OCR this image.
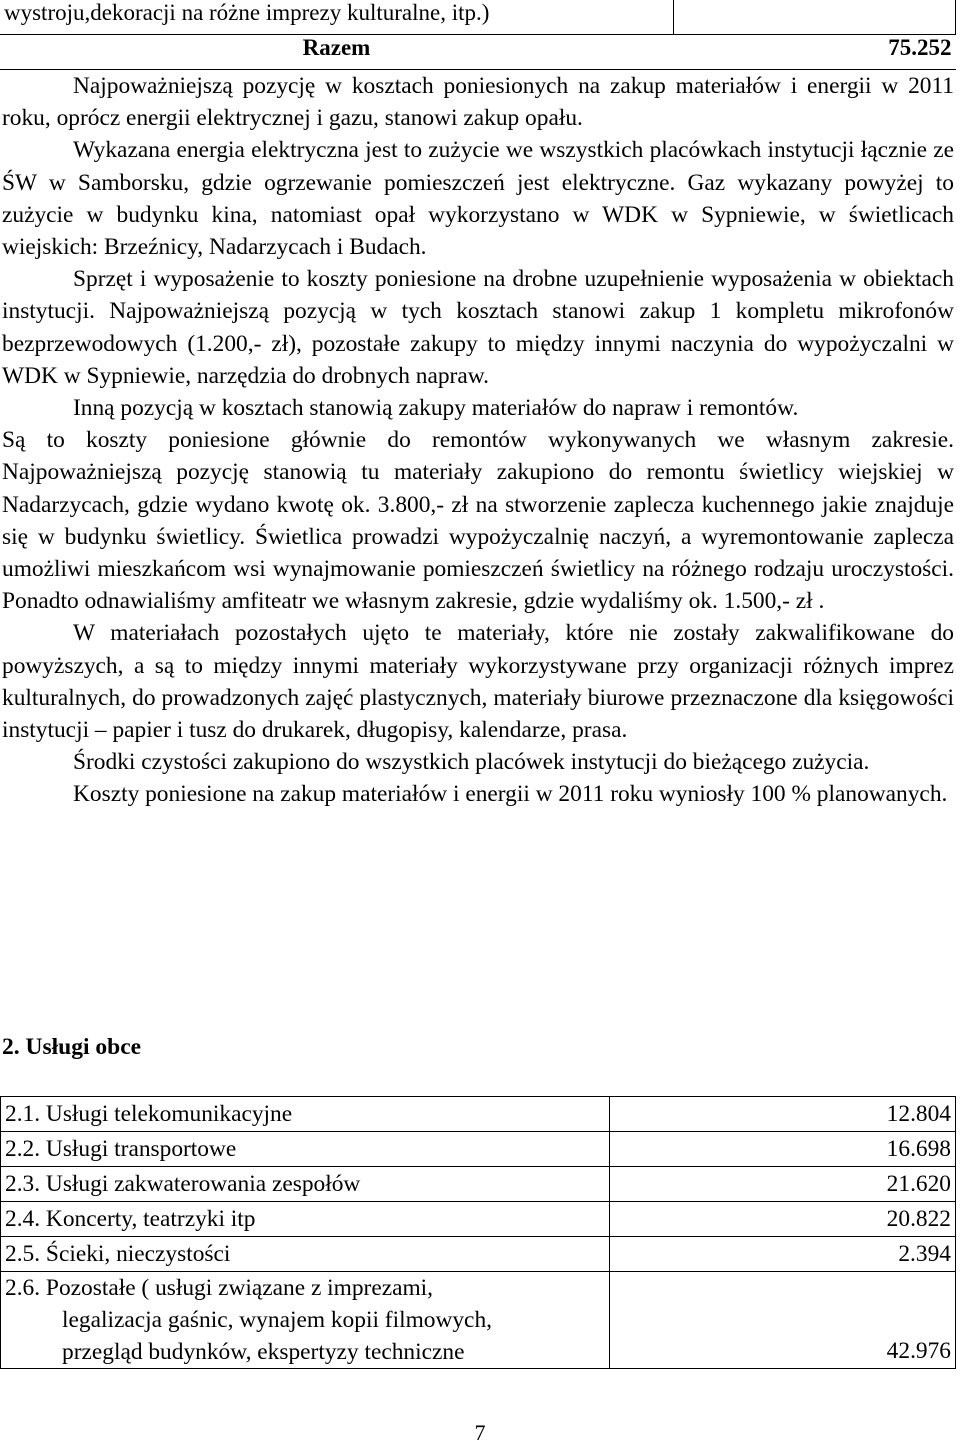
wystroju,dekoracji na różne imprezy kulturalne, itp.)	
Razem	75.252

Najpoważniejszą pozycję w kosztach poniesionych na zakup materiałów i energii w 2011 roku, oprócz energii elektrycznej i gazu, stanowi zakup opału.

Wykazana energia elektryczna jest to zużycie we wszystkich placówkach instytucji łącznie ze ŚW w Samborsku, gdzie ogrzewanie pomieszczeń jest elektryczne. Gaz wykazany powyżej to zużycie w budynku kina, natomiast opał wykorzystano w WDK w Sypniewie, w świetlicach wiejskich: Brzeźnicy, Nadarzycach i Budach.

Sprzęt i wyposażenie to koszty poniesione na drobne uzupełnienie wyposażenia w obiektach instytucji. Najpoważniejszą pozycją w tych kosztach stanowi zakup 1 kompletu mikrofonów bezprzewodowych (1.200,- zł), pozostałe zakupy to między innymi naczynia do wypożyczalni w WDK w Sypniewie, narzędzia do drobnych napraw.

Inną pozycją w kosztach stanowią zakupy materiałów do napraw i remontów.

Są to koszty poniesione głównie do remontów wykonywanych we własnym zakresie. Najpoważniejszą pozycję stanowią tu materiały zakupiono do remontu świetlicy wiejskiej w Nadarzycach, gdzie wydano kwotę ok. 3.800,- zł na stworzenie zaplecza kuchennego jakie znajduje się w budynku świetlicy. Świetlica prowadzi wypożyczalnię naczyń, a wyremontowanie zaplecza umożliwi mieszkańcom wsi wynajmowanie pomieszczeń świetlicy na różnego rodzaju uroczystości. Ponadto odnawialiśmy amfiteatr we własnym zakresie, gdzie wydaliśmy ok. 1.500,- zł .

W materiałach pozostałych ujęto te materiały, które nie zostały zakwalifikowane do powyższych, a są to między innymi materiały wykorzystywane przy organizacji różnych imprez kulturalnych, do prowadzonych zajęć plastycznych, materiały biurowe przeznaczone dla księgowości instytucji – papier i tusz do drukarek, długopisy, kalendarze, prasa.

Środki czystości zakupiono do wszystkich placówek instytucji do bieżącego zużycia.

Koszty poniesione na zakup materiałów i energii w 2011 roku wyniosły 100 % planowanych.

2. Usługi obce
2.1. Usługi telekomunikacyjne	12.804
2.2. Usługi transportowe	16.698
2.3. Usługi zakwaterowania zespołów	21.620
2.4. Koncerty, teatrzyki itp	20.822
2.5. Ścieki, nieczystości	2.394

2.6. Pozostałe ( usługi związane z imprezami,
legalizacja gaśnic, wynajem kopii filmowych,
przegląd budynków, ekspertyzy techniczne	42.976
7
